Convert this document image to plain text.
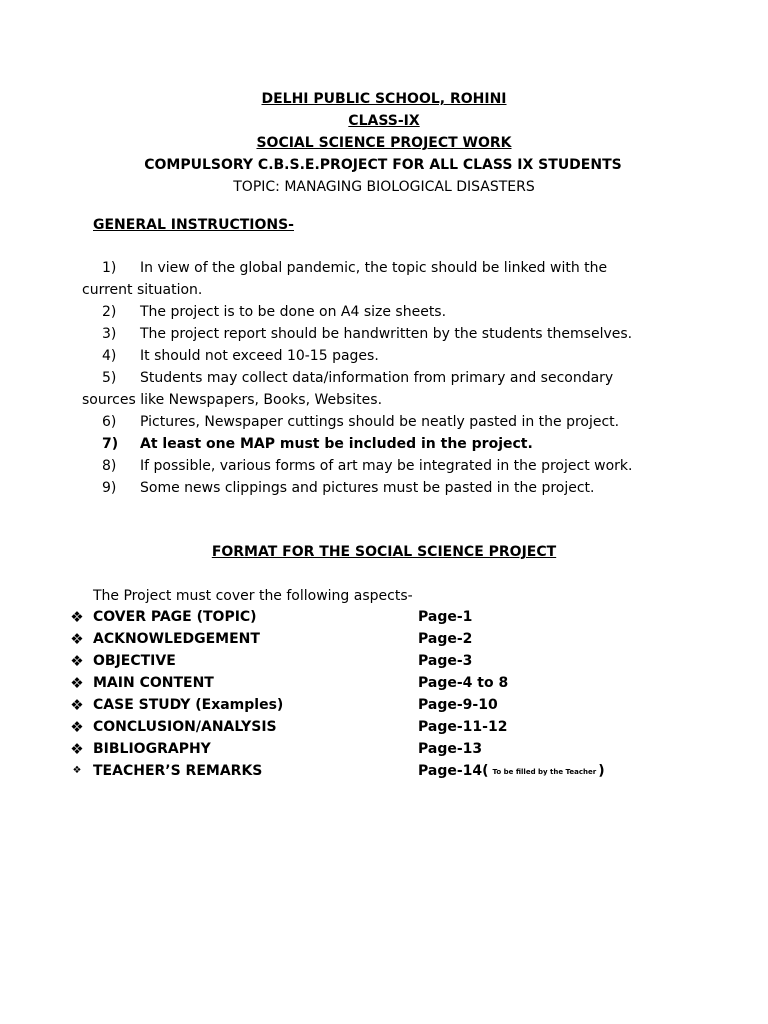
DELHI PUBLIC SCHOOL, ROHINI
CLASS-IX
SOCIAL SCIENCE PROJECT WORK
COMPULSORY C.B.S.E.PROJECT FOR ALL CLASS IX STUDENTS
TOPIC: MANAGING BIOLOGICAL DISASTERS
GENERAL INSTRUCTIONS-
1) In view of the global pandemic, the topic should be linked with the
current situation.
2) The project is to be done on A4 size sheets.
3) The project report should be handwritten by the students themselves.
4) It should not exceed 10-15 pages.
5) Students may collect data/information from primary and secondary
sources like Newspapers, Books, Websites.
6) Pictures, Newspaper cuttings should be neatly pasted in the project.
7) At least one MAP must be included in the project.
8) If possible, various forms of art may be integrated in the project work.
9) Some news clippings and pictures must be pasted in the project.
FORMAT FOR THE SOCIAL SCIENCE PROJECT
The Project must cover the following aspects-
❖ COVER PAGE (TOPIC)	Page-1
❖ ACKNOWLEDGEMENT	Page-2
❖ OBJECTIVE	Page-3
❖ MAIN CONTENT	Page-4 to 8
❖ CASE STUDY (Examples)	Page-9-10
❖ CONCLUSION/ANALYSIS	Page-11-12
❖ BIBLIOGRAPHY	Page-13
❖ TEACHER’S REMARKS	Page-14( To be filled by the Teacher )
